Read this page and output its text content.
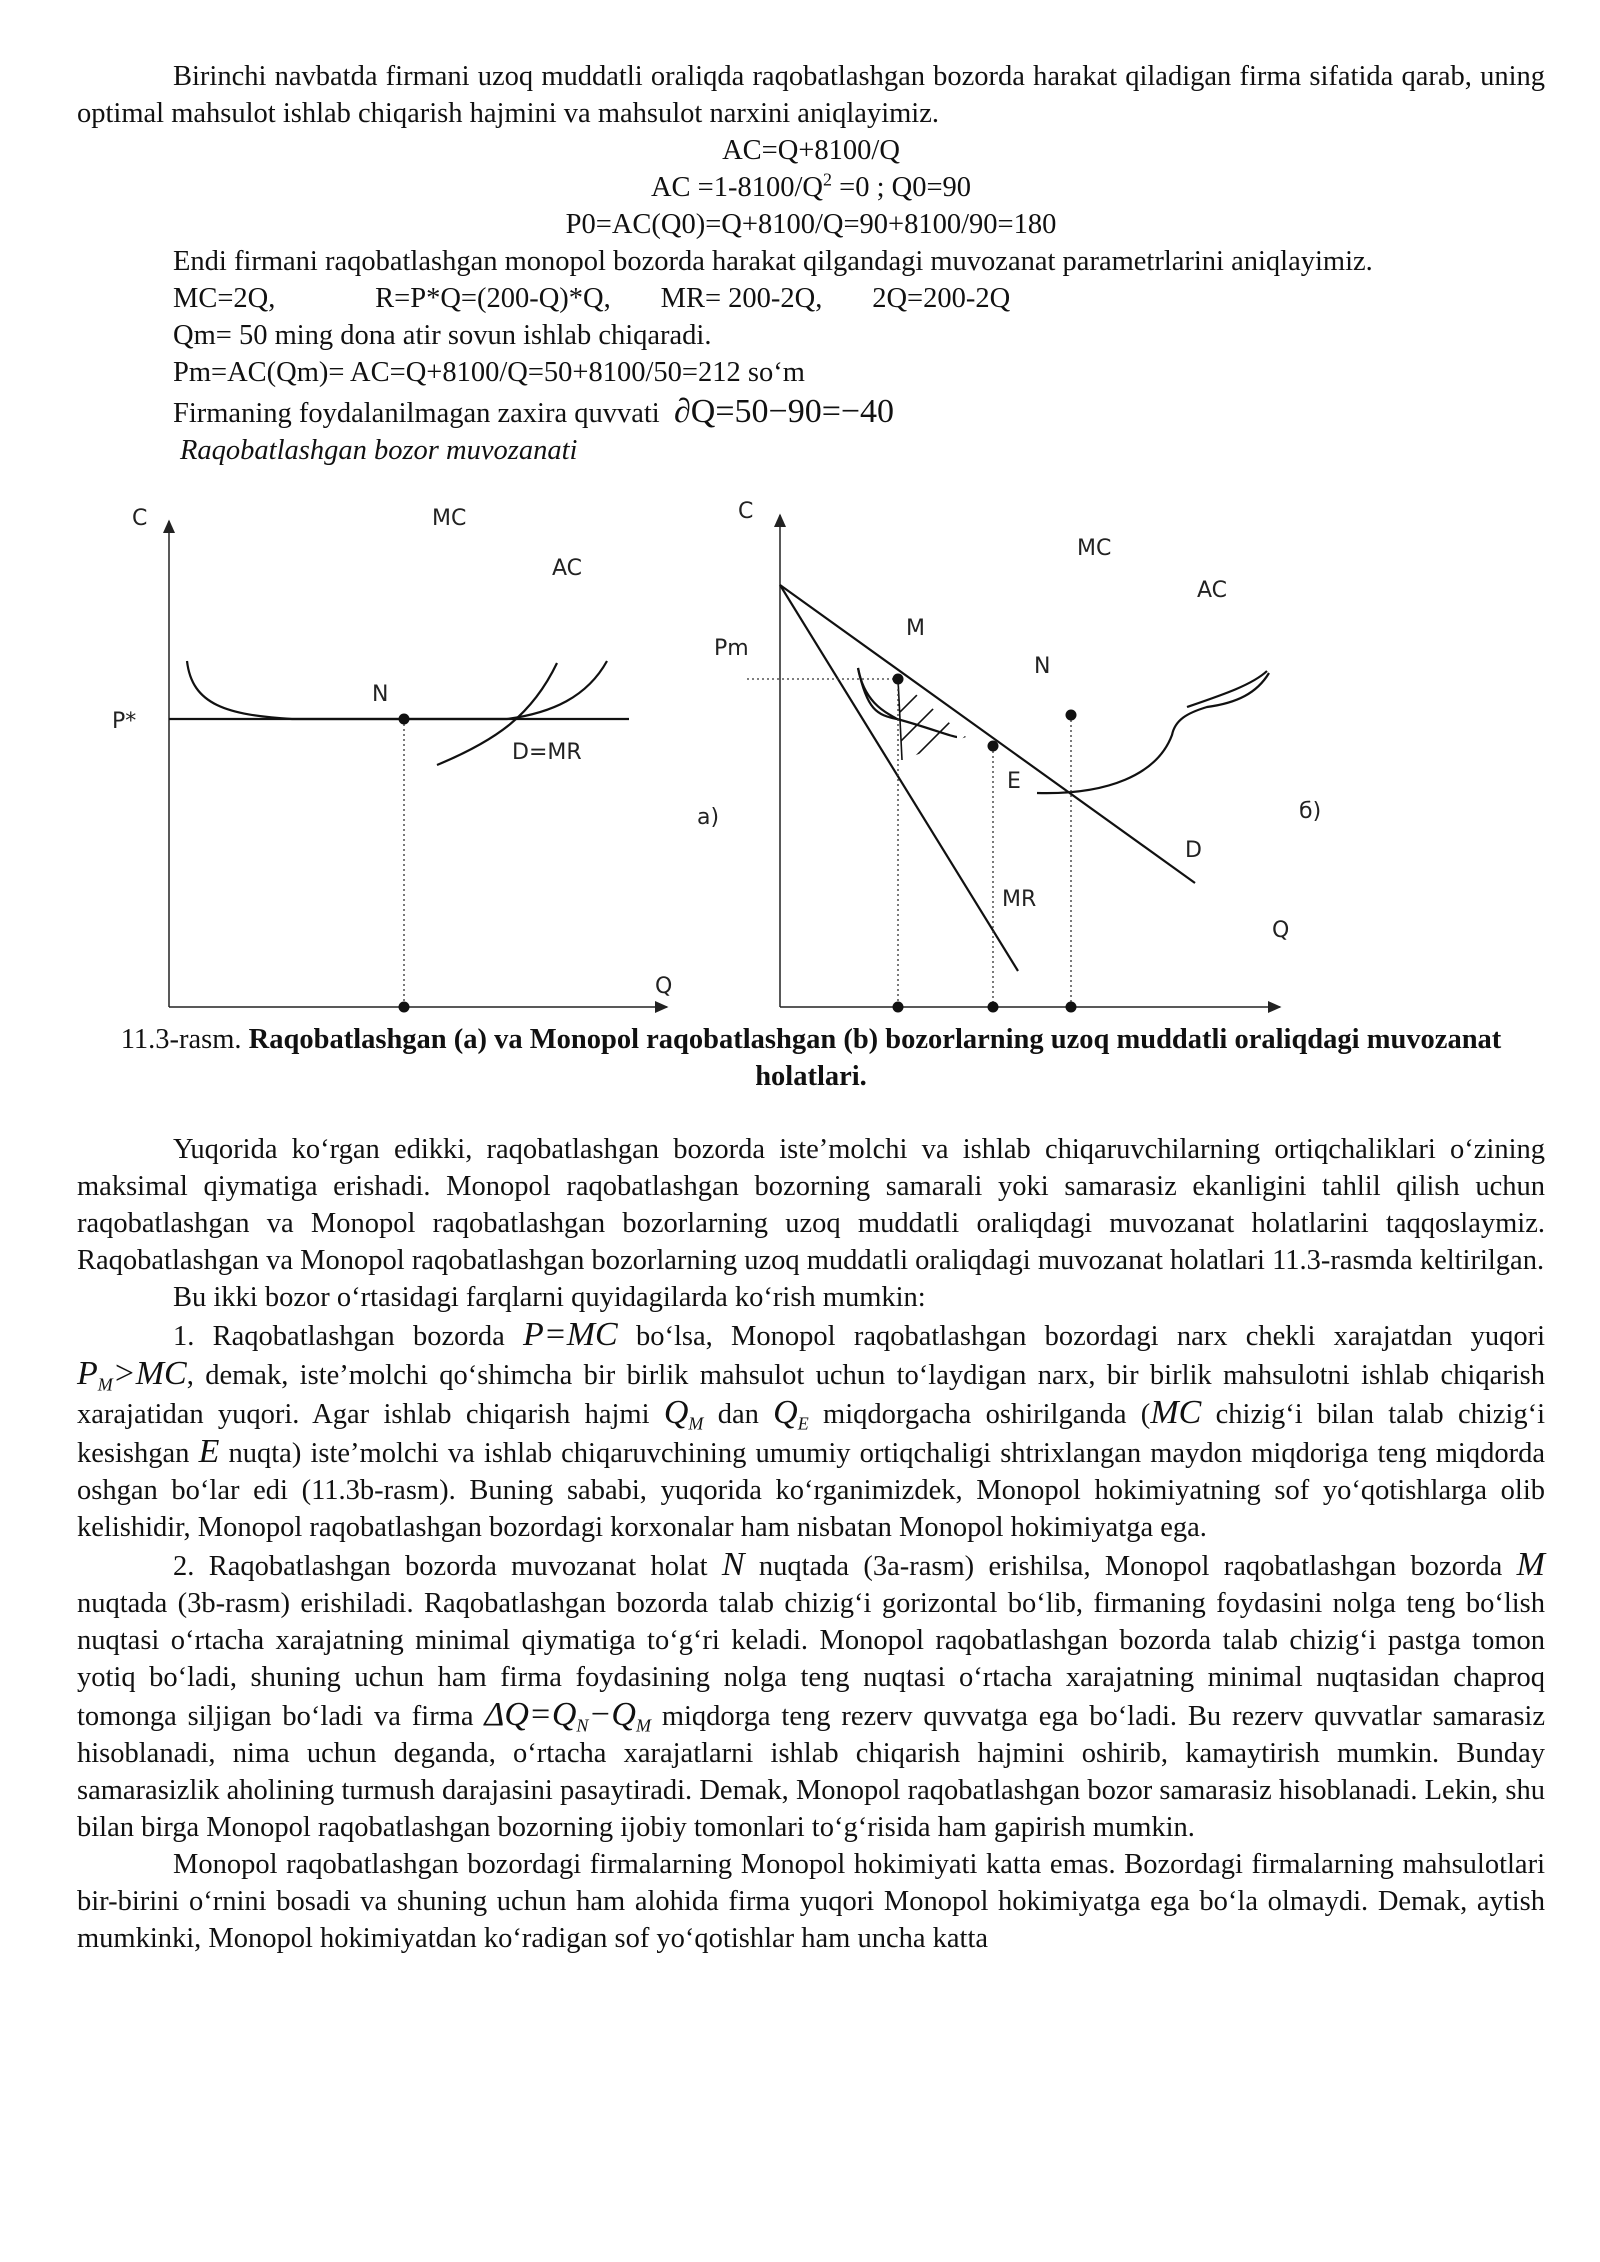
Birinchi navbatda firmani uzoq muddatli oraliqda raqobatlashgan bozorda harakat qiladigan firma sifatida qarab, uning optimal mahsulot ishlab chiqarish hajmini va mahsulot narxini aniqlayimiz.

AC=Q+8100/Q

AC $=1-8100/Q^2 =0$ ; Q0=90

P0=AC(Q0)=Q+8100/Q=90+8100/90=180

Endi firmani raqobatlashgan monopol bozorda harakat qilgandagi muvozanat parametrlarini aniqlayimiz.

MC=2Q,              R=P*Q=(200-Q)*Q,       MR= 200-2Q,       2Q=200-2Q

Qm= 50 ming dona atir sovun ishlab chiqaradi.

Pm=AC(Qm)= AC=Q+8100/Q=50+8100/50=212 so‘m

Firmaning foydalanilmagan zaxira quvvati  ∂Q=50−90=−40

Raqobatlashgan bozor muvozanati

C	MC
AC
N
P*
D=MR
Q
a)
C
MC
AC
M
N
Pm
E
D
MR
Q
б)

11.3-rasm. Raqobatlashgan (a) va Monopol raqobatlashgan (b) bozorlarning uzoq muddatli oraliqdagi muvozanat holatlari.

Yuqorida ko‘rgan edikki, raqobatlashgan bozorda iste’molchi va ishlab chiqaruvchilarning ortiqchaliklari o‘zining maksimal qiymatiga erishadi. Monopol raqobatlashgan bozorning samarali yoki samarasiz ekanligini tahlil qilish uchun raqobatlashgan va Monopol raqobatlashgan bozorlarning uzoq muddatli oraliqdagi muvozanat holatlarini taqqoslaymiz. Raqobatlashgan va Monopol raqobatlashgan bozorlarning uzoq muddatli oraliqdagi muvozanat holatlari 11.3-rasmda keltirilgan.

Bu ikki bozor o‘rtasidagi farqlarni quyidagilarda ko‘rish mumkin:

1. Raqobatlashgan bozorda P=MC bo‘lsa, Monopol raqobatlashgan bozordagi narx chekli xarajatdan yuqori $P_M>MC$, demak, iste’molchi qo‘shimcha bir birlik mahsulot uchun to‘laydigan narx, bir birlik mahsulotni ishlab chiqarish xarajatidan yuqori. Agar ishlab chiqarish hajmi $Q_M$ dan $Q_E$ miqdorgacha oshirilganda (MC chizig‘i bilan talab chizig‘i kesishgan E nuqta) iste’molchi va ishlab chiqaruvchining umumiy ortiqchaligi shtrixlangan maydon miqdoriga teng miqdorda oshgan bo‘lar edi (11.3b-rasm). Buning sababi, yuqorida ko‘rganimizdek, Monopol hokimiyatning sof yo‘qotishlarga olib kelishidir, Monopol raqobatlashgan bozordagi korxonalar ham nisbatan Monopol hokimiyatga ega.

2. Raqobatlashgan bozorda muvozanat holat N nuqtada (3a-rasm) erishilsa, Monopol raqobatlashgan bozorda M nuqtada (3b-rasm) erishiladi. Raqobatlashgan bozorda talab chizig‘i gorizontal bo‘lib, firmaning foydasini nolga teng bo‘lish nuqtasi o‘rtacha xarajatning minimal qiymatiga to‘g‘ri keladi. Monopol raqobatlashgan bozorda talab chizig‘i pastga tomon yotiq bo‘ladi, shuning uchun ham firma foydasining nolga teng nuqtasi o‘rtacha xarajatning minimal nuqtasidan chaproq tomonga siljigan bo‘ladi va firma $\Delta Q=Q_N-Q_M$ miqdorga teng rezerv quvvatga ega bo‘ladi. Bu rezerv quvvatlar samarasiz hisoblanadi, nima uchun deganda, o‘rtacha xarajatlarni ishlab chiqarish hajmini oshirib, kamaytirish mumkin. Bunday samarasizlik aholining turmush darajasini pasaytiradi. Demak, Monopol raqobatlashgan bozor samarasiz hisoblanadi. Lekin, shu bilan birga Monopol raqobatlashgan bozorning ijobiy tomonlari to‘g‘risida ham gapirish mumkin.

Monopol raqobatlashgan bozordagi firmalarning Monopol hokimiyati katta emas. Bozordagi firmalarning mahsulotlari bir-birini o‘rnini bosadi va shuning uchun ham alohida firma yuqori Monopol hokimiyatga ega bo‘la olmaydi. Demak, aytish mumkinki, Monopol hokimiyatdan ko‘radigan sof yo‘qotishlar ham uncha katta
